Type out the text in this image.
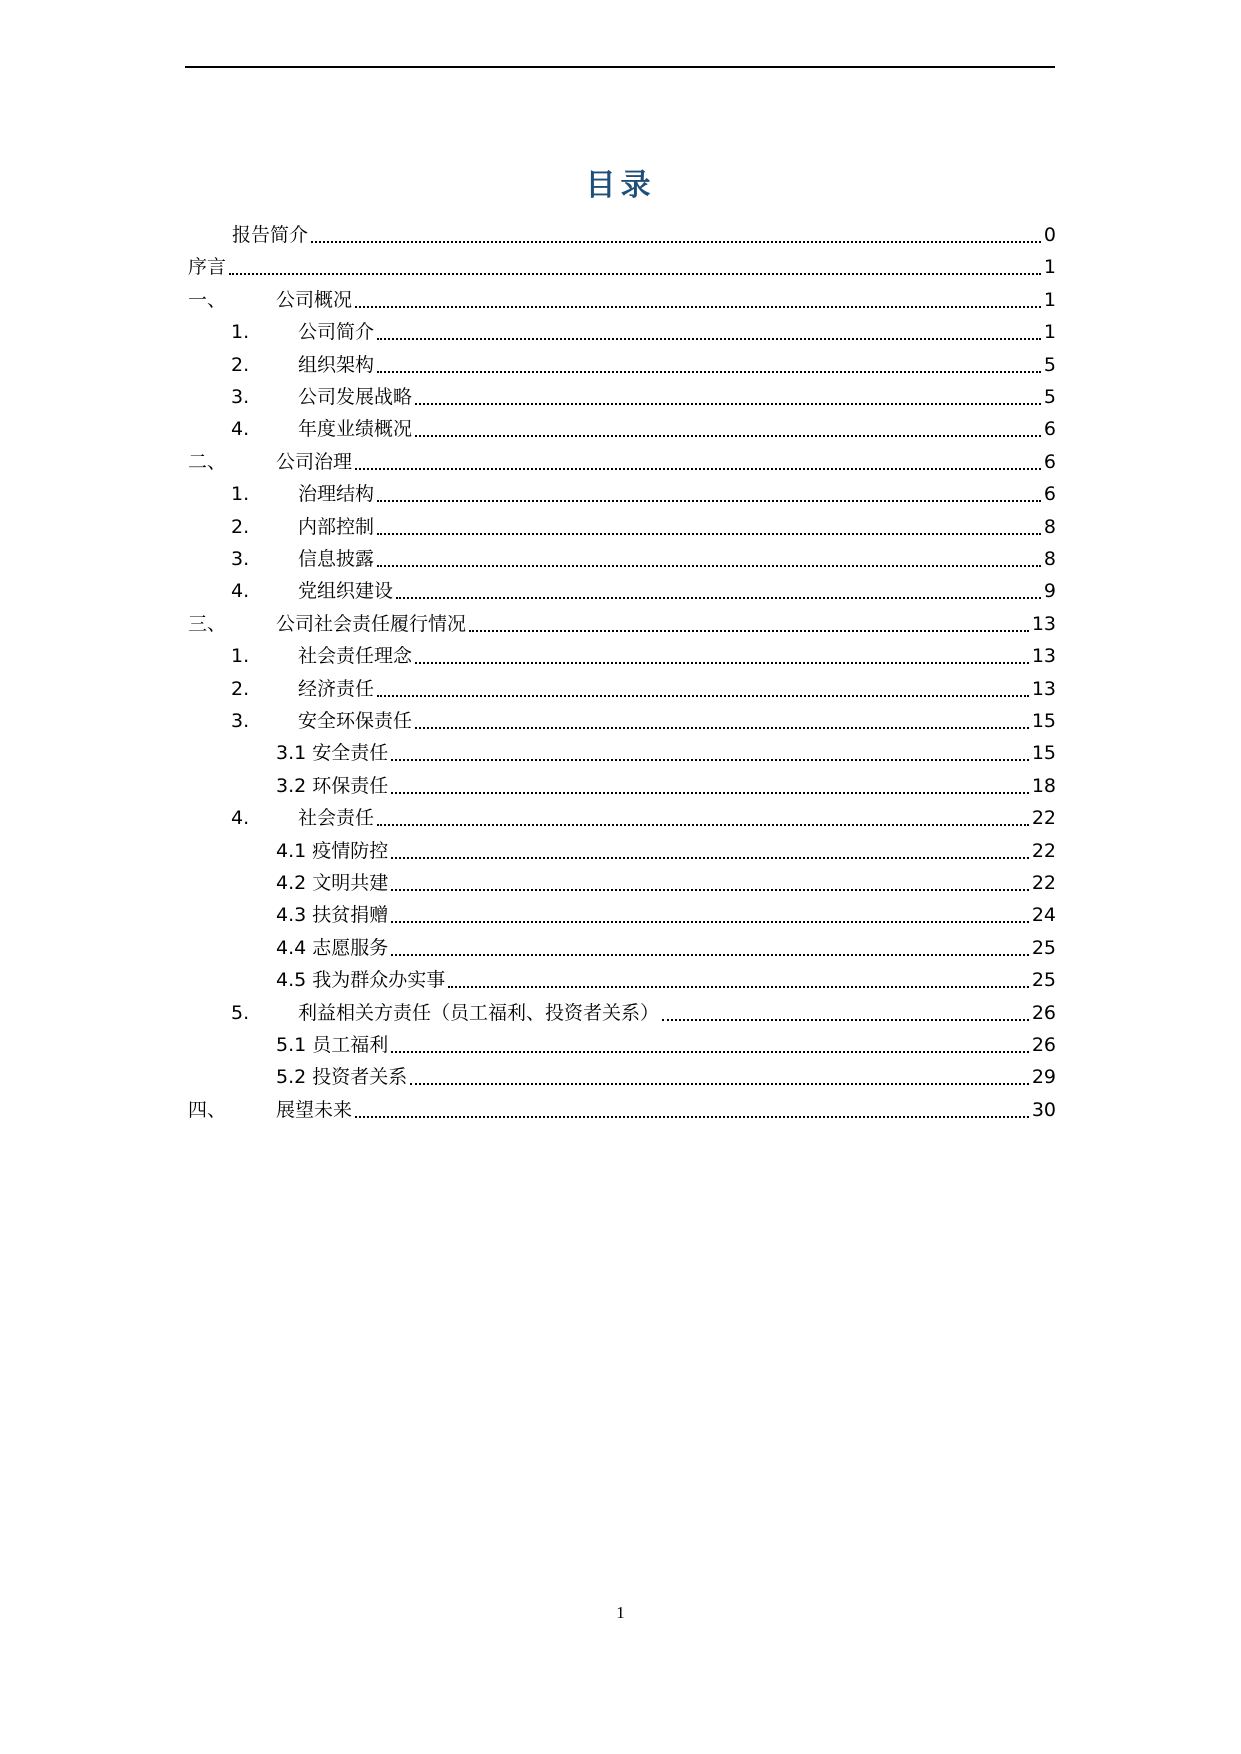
目录
报告简介	0
序言	1
一、	公司概况	1
1.	公司简介	1
2.	组织架构	5
3.	公司发展战略	5
4.	年度业绩概况	6
二、	公司治理	6
1.	治理结构	6
2.	内部控制	8
3.	信息披露	8
4.	党组织建设	9
三、	公司社会责任履行情况	13
1.	社会责任理念	13
2.	经济责任	13
3.	安全环保责任	15
3.1 安全责任	15
3.2 环保责任	18
4.	社会责任	22
4.1 疫情防控	22
4.2 文明共建	22
4.3 扶贫捐赠	24
4.4 志愿服务	25
4.5 我为群众办实事	25
5.	利益相关方责任（员工福利、投资者关系）	26
5.1 员工福利	26
5.2 投资者关系	29
四、	展望未来	30
1
